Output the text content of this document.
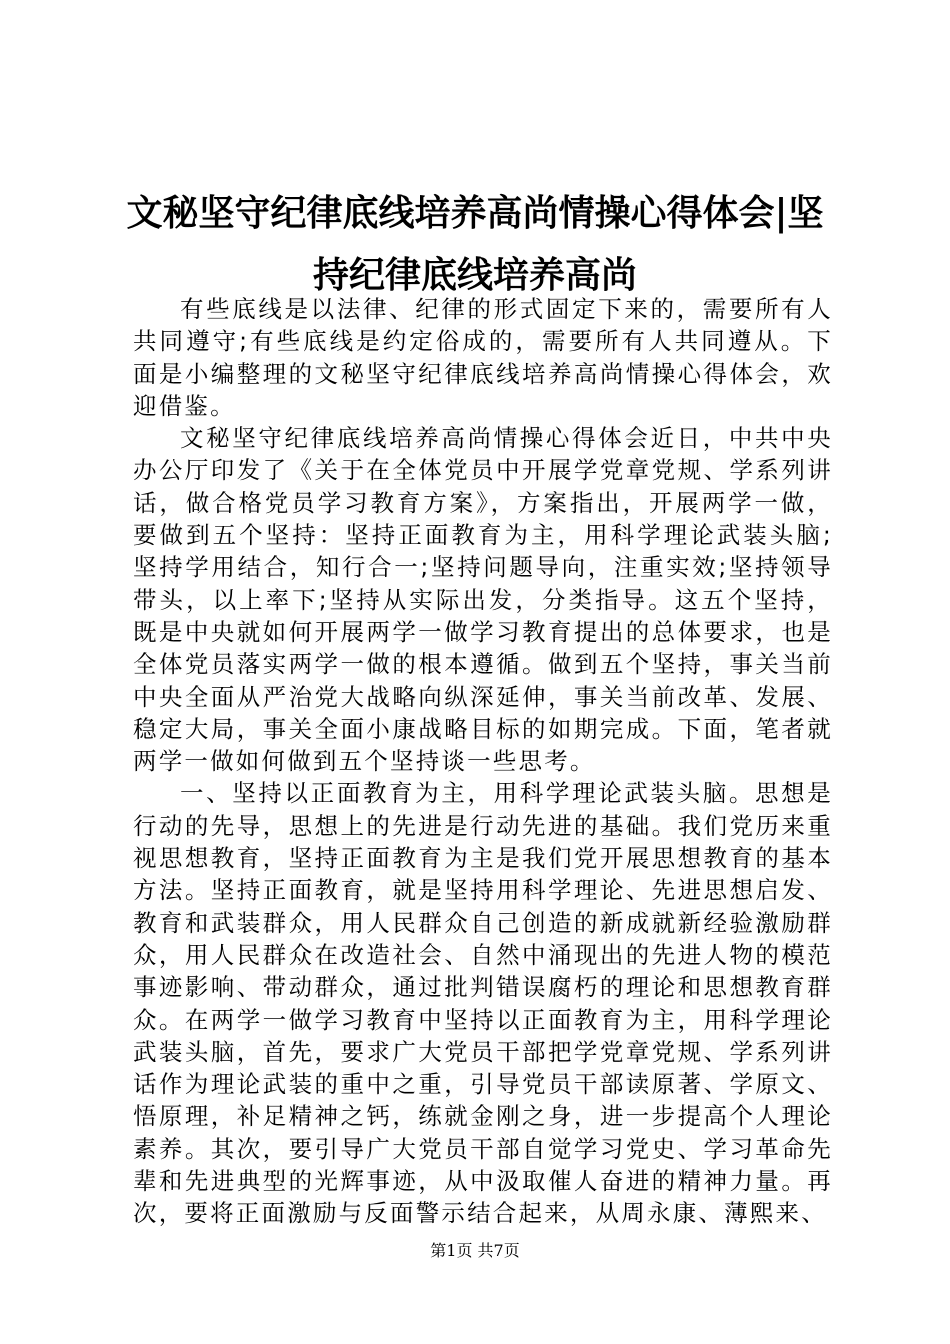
文秘坚守纪律底线培养高尚情操心得体会|坚
持纪律底线培养高尚

有些底线是以法律、纪律的形式固定下来的，需要所有人共同遵守;有些底线是约定俗成的，需要所有人共同遵从。下面是小编整理的文秘坚守纪律底线培养高尚情操心得体会，欢迎借鉴。

文秘坚守纪律底线培养高尚情操心得体会近日，中共中央办公厅印发了《关于在全体党员中开展学党章党规、学系列讲话，做合格党员学习教育方案》，方案指出，开展两学一做，要做到五个坚持：坚持正面教育为主，用科学理论武装头脑;坚持学用结合，知行合一;坚持问题导向，注重实效;坚持领导带头，以上率下;坚持从实际出发，分类指导。这五个坚持，既是中央就如何开展两学一做学习教育提出的总体要求，也是全体党员落实两学一做的根本遵循。做到五个坚持，事关当前中央全面从严治党大战略向纵深延伸，事关当前改革、发展、稳定大局，事关全面小康战略目标的如期完成。下面，笔者就两学一做如何做到五个坚持谈一些思考。

一、坚持以正面教育为主，用科学理论武装头脑。思想是行动的先导，思想上的先进是行动先进的基础。我们党历来重视思想教育，坚持正面教育为主是我们党开展思想教育的基本方法。坚持正面教育，就是坚持用科学理论、先进思想启发、教育和武装群众，用人民群众自己创造的新成就新经验激励群众，用人民群众在改造社会、自然中涌现出的先进人物的模范事迹影响、带动群众，通过批判错误腐朽的理论和思想教育群众。在两学一做学习教育中坚持以正面教育为主，用科学理论武装头脑，首先，要求广大党员干部把学党章党规、学系列讲话作为理论武装的重中之重，引导党员干部读原著、学原文、悟原理，补足精神之钙，练就金刚之身，进一步提高个人理论素养。其次，要引导广大党员干部自觉学习党史、学习革命先辈和先进典型的光辉事迹，从中汲取催人奋进的精神力量。再次，要将正面激励与反面警示结合起来，从周永康、薄熙来、

第1页 共7页
